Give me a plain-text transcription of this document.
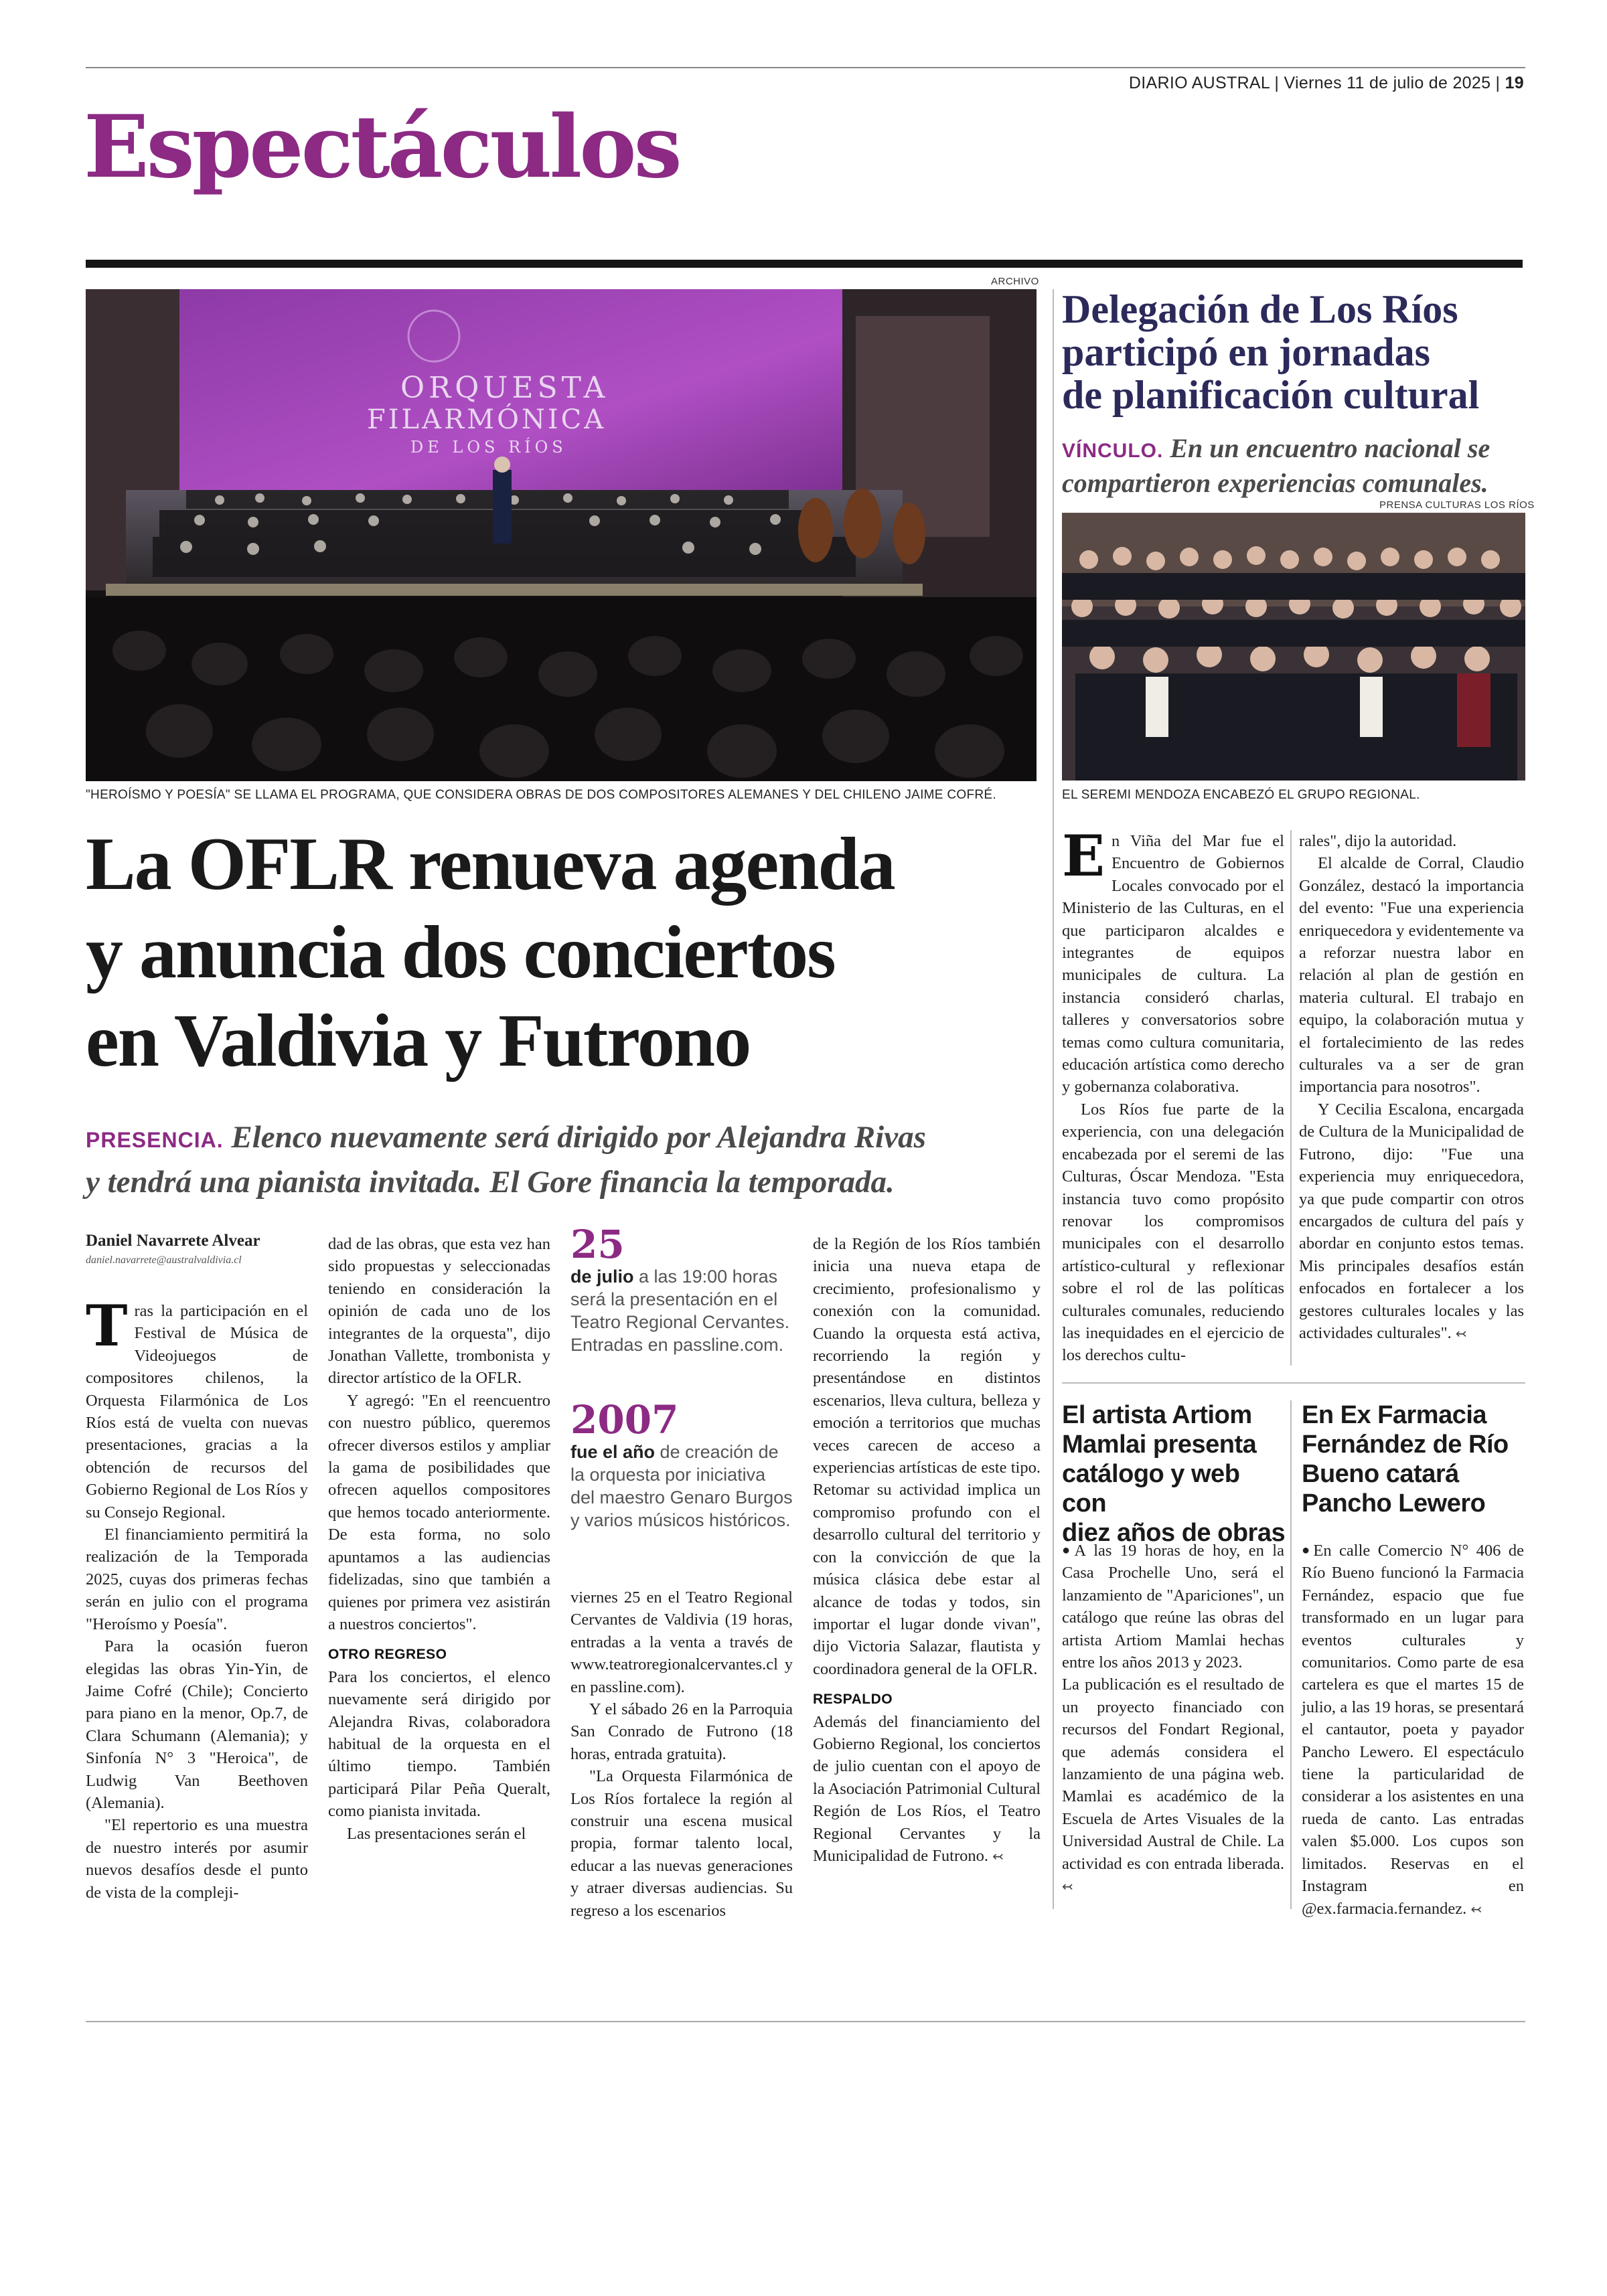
DIARIO AUSTRAL | Viernes 11 de julio de 2025 | 19
Espectáculos
ARCHIVO
ORQUESTA
FILARMÓNICA
DE LOS RÍOS
"HEROÍSMO Y POESÍA" SE LLAMA EL PROGRAMA, QUE CONSIDERA OBRAS DE DOS COMPOSITORES ALEMANES Y DEL CHILENO JAIME COFRÉ.
La OFLR renueva agenda
y anuncia dos conciertos
en Valdivia y Futrono
PRESENCIA. Elenco nuevamente será dirigido por Alejandra Rivas
y tendrá una pianista invitada. El Gore financia la temporada.
Daniel Navarrete Alvear
daniel.navarrete@australvaldivia.cl

Tras la participación en el Festival de Música de Videojuegos de compositores chilenos, la Orquesta Filarmónica de Los Ríos está de vuelta con nuevas presentaciones, gracias a la obtención de recursos del Gobierno Regional de Los Ríos y su Consejo Regional.

El financiamiento permitirá la realización de la Temporada 2025, cuyas dos primeras fechas serán en julio con el programa "Heroísmo y Poesía".

Para la ocasión fueron elegidas las obras Yin-Yin, de Jaime Cofré (Chile); Concierto para piano en la menor, Op.7, de Clara Schumann (Alemania); y Sinfonía N° 3 "Heroica", de Ludwig Van Beethoven (Alemania).

"El repertorio es una muestra de nuestro interés por asumir nuevos desafíos desde el punto de vista de la compleji-

dad de las obras, que esta vez han sido propuestas y seleccionadas teniendo en consideración la opinión de cada uno de los integrantes de la orquesta", dijo Jonathan Vallette, trombonista y director artístico de la OFLR.

Y agregó: "En el reencuentro con nuestro público, queremos ofrecer diversos estilos y ampliar la gama de posibilidades que ofrecen aquellos compositores que hemos tocado anteriormente. De esta forma, no solo apuntamos a las audiencias fidelizadas, sino que también a quienes por primera vez asistirán a nuestros conciertos".

OTRO REGRESO

Para los conciertos, el elenco nuevamente será dirigido por Alejandra Rivas, colaboradora habitual de la orquesta en el último tiempo. También participará Pilar Peña Queralt, como pianista invitada.

Las presentaciones serán el

25
de julio a las 19:00 horas será la presentación en el Teatro Regional Cervantes. Entradas en passline.com.
2007
fue el año de creación de la orquesta por iniciativa del maestro Genaro Burgos y varios músicos históricos.

viernes 25 en el Teatro Regional Cervantes de Valdivia (19 horas, entradas a la venta a través de www.teatroregionalcervantes.cl y en passline.com).

Y el sábado 26 en la Parroquia San Conrado de Futrono (18 horas, entrada gratuita).

"La Orquesta Filarmónica de Los Ríos fortalece la región al construir una escena musical propia, formar talento local, educar a las nuevas generaciones y atraer diversas audiencias. Su regreso a los escenarios

de la Región de los Ríos también inicia una nueva etapa de crecimiento, profesionalismo y conexión con la comunidad. Cuando la orquesta está activa, recorriendo la región y presentándose en distintos escenarios, lleva cultura, belleza y emoción a territorios que muchas veces carecen de acceso a experiencias artísticas de este tipo. Retomar su actividad implica un compromiso profundo con el desarrollo cultural del territorio y con la convicción de que la música clásica debe estar al alcance de todas y todos, sin importar el lugar donde vivan", dijo Victoria Salazar, flautista y coordinadora general de la OFLR.

RESPALDO

Además del financiamiento del Gobierno Regional, los conciertos de julio cuentan con el apoyo de la Asociación Patrimonial Cultural Región de Los Ríos, el Teatro Regional Cervantes y la Municipalidad de Futrono. ↢

Delegación de Los Ríos
participó en jornadas
de planificación cultural
VÍNCULO. En un encuentro nacional se
compartieron experiencias comunales.
PRENSA CULTURAS LOS RÍOS
EL SEREMI MENDOZA ENCABEZÓ EL GRUPO REGIONAL.

En Viña del Mar fue el Encuentro de Gobiernos Locales convocado por el Ministerio de las Culturas, en el que participaron alcaldes e integrantes de equipos municipales de cultura. La instancia consideró charlas, talleres y conversatorios sobre temas como cultura comunitaria, educación artística como derecho y gobernanza colaborativa.

Los Ríos fue parte de la experiencia, con una delegación encabezada por el seremi de las Culturas, Óscar Mendoza. "Esta instancia tuvo como propósito renovar los compromisos municipales con el desarrollo artístico-cultural y reflexionar sobre el rol de las políticas culturales comunales, reduciendo las inequidades en el ejercicio de los derechos cultu-

rales", dijo la autoridad.

El alcalde de Corral, Claudio González, destacó la importancia del evento: "Fue una experiencia enriquecedora y evidentemente va a reforzar nuestra labor en relación al plan de gestión en materia cultural. El trabajo en equipo, la colaboración mutua y el fortalecimiento de las redes culturales va a ser de gran importancia para nosotros".

Y Cecilia Escalona, encargada de Cultura de la Municipalidad de Futrono, dijo: "Fue una experiencia muy enriquecedora, ya que pude compartir con otros encargados de cultura del país y abordar en conjunto estos temas. Mis principales desafíos están enfocados en fortalecer a los gestores culturales locales y las actividades culturales". ↢

El artista Artiom
Mamlai presenta
catálogo y web con
diez años de obras

●A las 19 horas de hoy, en la Casa Prochelle Uno, será el lanzamiento de "Apariciones", un catálogo que reúne las obras del artista Artiom Mamlai hechas entre los años 2013 y 2023.

La publicación es el resultado de un proyecto financiado con recursos del Fondart Regional, que además considera el lanzamiento de una página web. Mamlai es académico de la Escuela de Artes Visuales de la Universidad Austral de Chile. La actividad es con entrada liberada. ↢

En Ex Farmacia
Fernández de Río
Bueno catará
Pancho Lewero

●En calle Comercio N° 406 de Río Bueno funcionó la Farmacia Fernández, espacio que fue transformado en un lugar para eventos culturales y comunitarios. Como parte de esa cartelera es que el martes 15 de julio, a las 19 horas, se presentará el cantautor, poeta y payador Pancho Lewero. El espectáculo tiene la particularidad de considerar a los asistentes en una rueda de canto. Las entradas valen $5.000. Los cupos son limitados. Reservas en el Instagram en @ex.farmacia.fernandez. ↢
